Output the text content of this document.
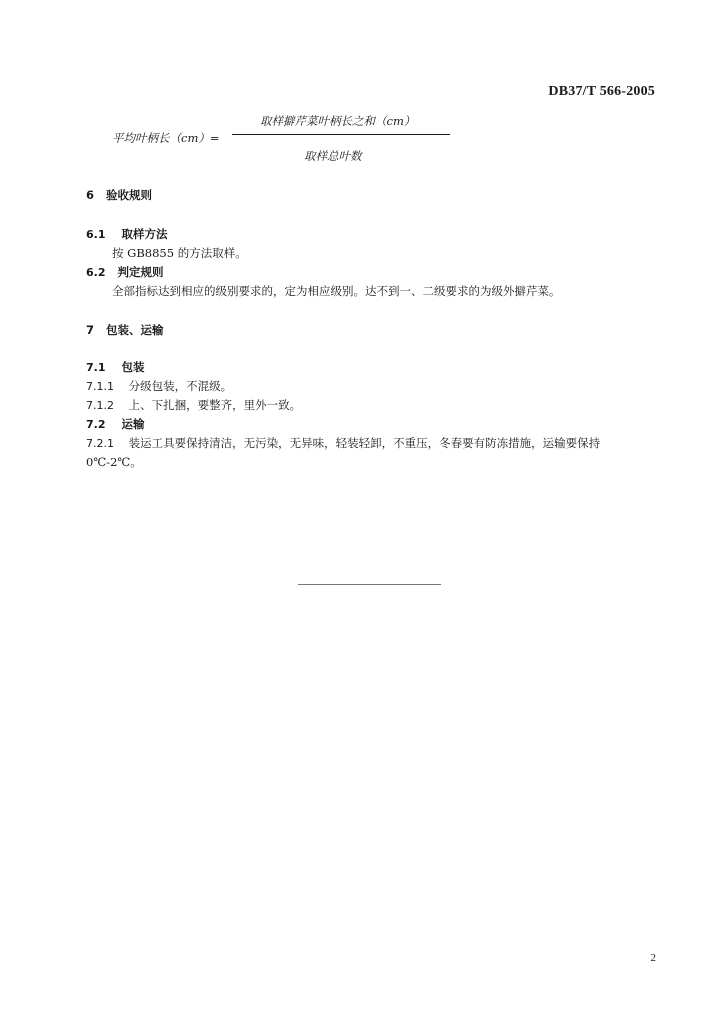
DB37/T 566-2005
取样擗芹菜叶柄长之和（cm）
平均叶柄长（cm）=
取样总叶数
6 验收规则
6.1 取样方法
按 GB8855 的方法取样。
6.2 判定规则
全部指标达到相应的级别要求的，定为相应级别。达不到一、二级要求的为级外擗芹菜。
7 包装、运输
7.1 包装
7.1.1 分级包装，不混级。
7.1.2 上、下扎捆，要整齐，里外一致。
7.2 运输
7.2.1 装运工具要保持清洁，无污染，无异味，轻装轻卸，不重压，冬春要有防冻措施，运输要保持
0℃-2℃。
2
